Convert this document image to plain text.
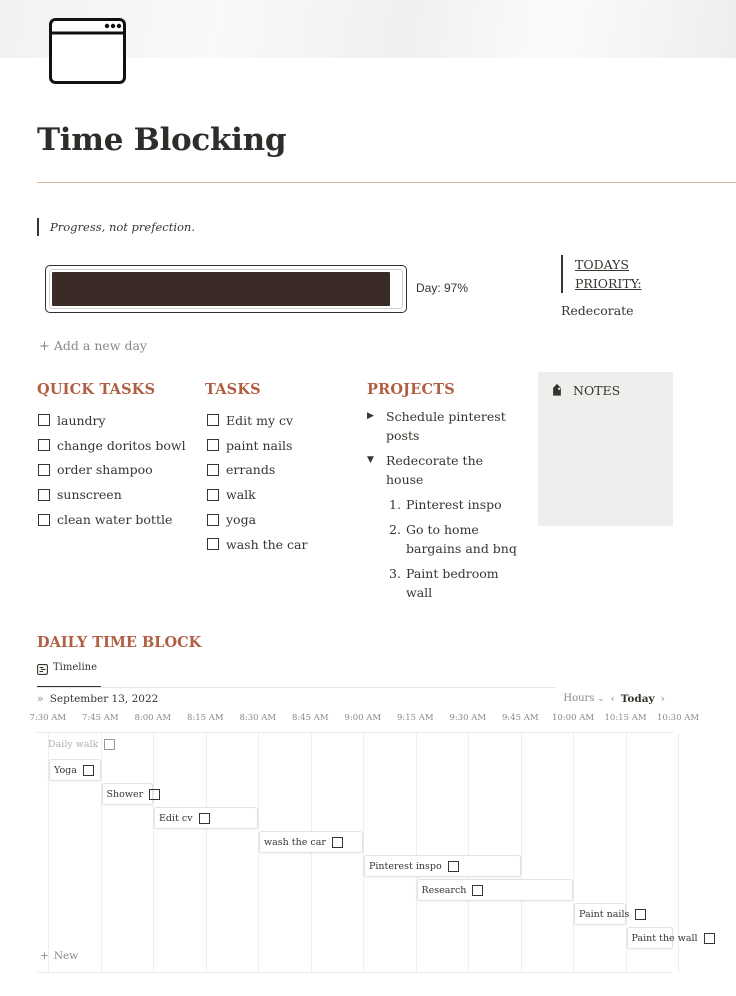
Time Blocking
Progress, not prefection.
Day: 97%
TODAYS
PRIORITY:
Redecorate
+ Add a new day
QUICK TASKS
laundry
change doritos bowl
order shampoo
sunscreen
clean water bottle
TASKS
Edit my cv
paint nails
errands
walk
yoga
wash the car
PROJECTS
▶ Schedule pinterest posts
▼ Redecorate the house
1. Pinterest inspo
2. Go to home bargains and bnq
3. Paint bedroom wall
NOTES
DAILY TIME BLOCK
Timeline
» September 13, 2022	Hours ⌄ ‹ Today ›
7:30 AM 7:45 AM 8:00 AM 8:15 AM 8:30 AM 8:45 AM 9:00 AM 9:15 AM 9:30 AM 9:45 AM 10:00 AM 10:15 AM 10:30 AM
Daily walk
Yoga
Shower
Edit cv
wash the car
Pinterest inspo
Research
Paint nails
Paint the wall
+ New
